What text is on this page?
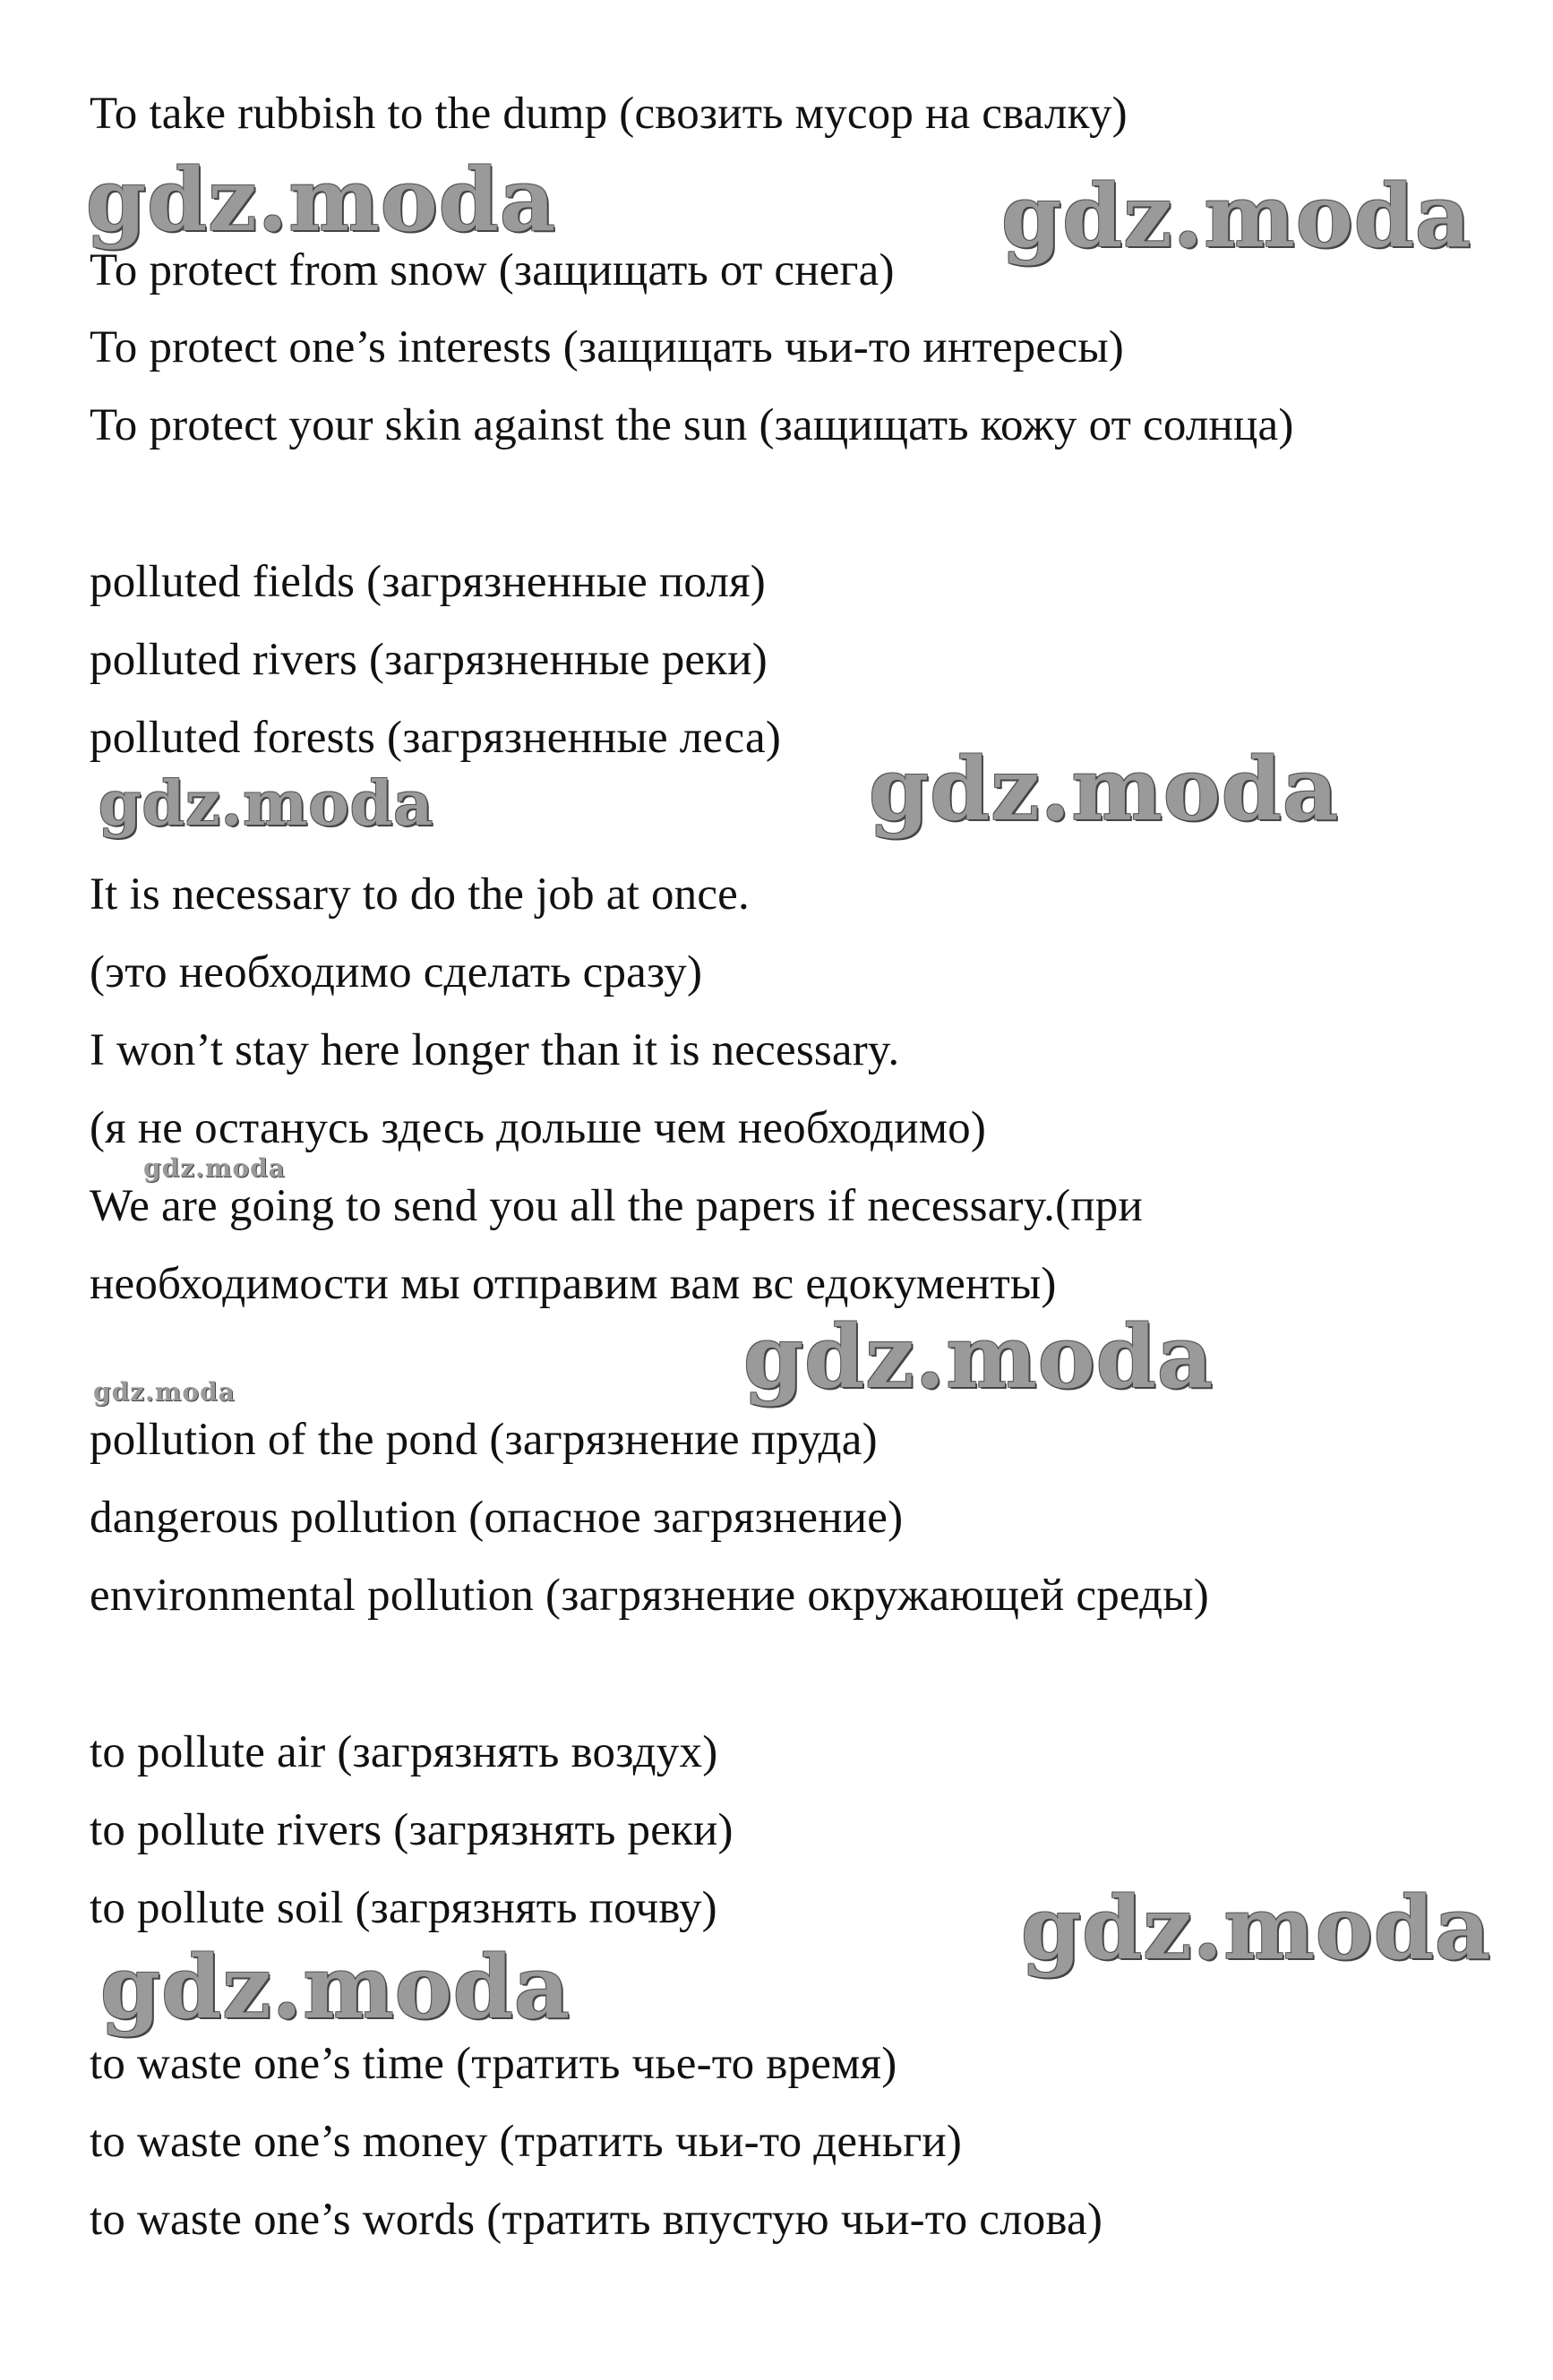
To take rubbish to the dump (свозить мусор на свалку)
To protect from snow (защищать от снега)
To protect one’s interests (защищать чьи-то интересы)
To protect your skin against the sun (защищать кожу от солнца)
polluted fields (загрязненные поля)
polluted rivers (загрязненные реки)
polluted forests (загрязненные леса)
It is necessary to do the job at once.
(это необходимо сделать сразу)
I won’t stay here longer than it is necessary.
(я не останусь здесь дольше чем необходимо)
We are going to send you all the papers if necessary.(при
необходимости мы отправим вам вс едокументы)
pollution of the pond (загрязнение пруда)
dangerous pollution (опасное загрязнение)
environmental pollution (загрязнение окружающей среды)
to pollute air (загрязнять воздух)
to pollute rivers (загрязнять реки)
to pollute soil (загрязнять почву)
to waste one’s time (тратить чье-то время)
to waste one’s money (тратить чьи-то деньги)
to waste one’s words (тратить впустую чьи-то слова)
gdz.moda	gdz.moda
gdz.moda	gdz.moda
gdz.moda
gdz.moda
gdz.moda
gdz.moda
gdz.moda
